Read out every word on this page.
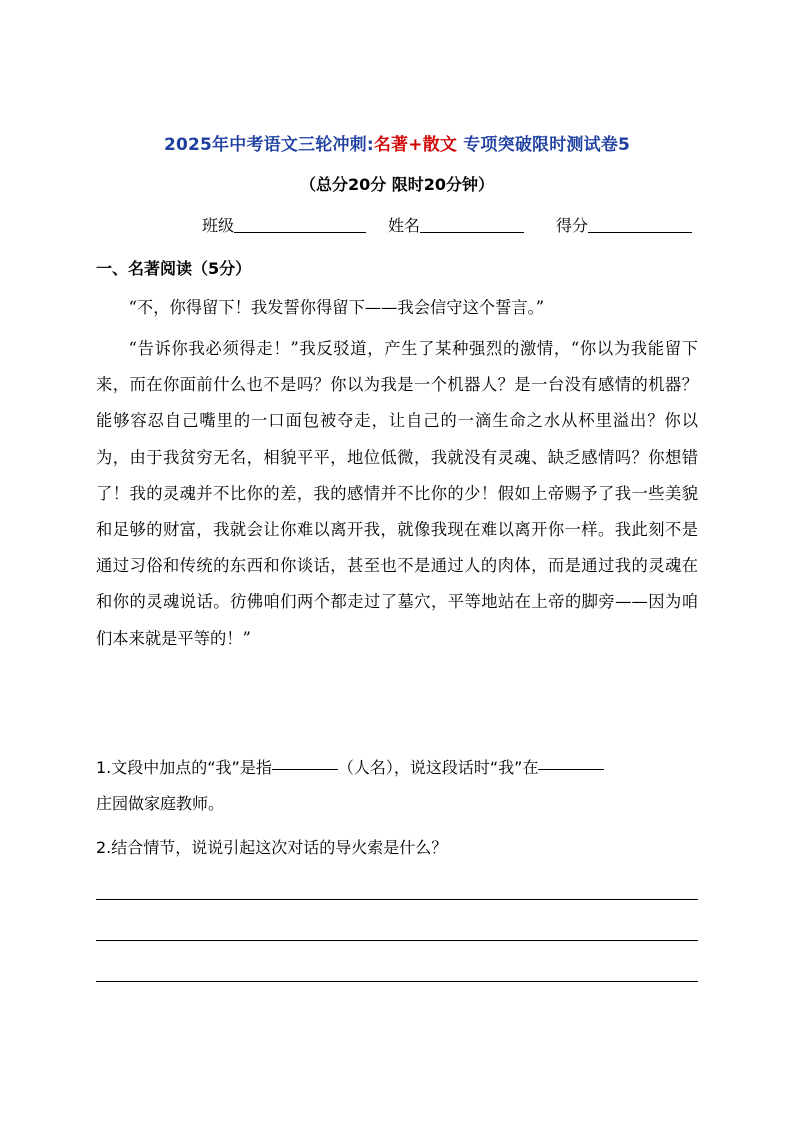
2025年中考语文三轮冲刺:名著+散文 专项突破限时测试卷5
（总分20分 限时20分钟）
班级	姓名	得分
一、名著阅读（5分）

“不，你得留下！我发誓你得留下——我会信守这个誓言。”

“告诉你我必须得走！”我反驳道，产生了某种强烈的激情，“你以为我能留下来，而在你面前什么也不是吗？你以为我是一个机器人？是一台没有感情的机器？能够容忍自己嘴里的一口面包被夺走，让自己的一滴生命之水从杯里溢出？你以为，由于我贫穷无名，相貌平平，地位低微，我就没有灵魂、缺乏感情吗？你想错了！我的灵魂并不比你的差，我的感情并不比你的少！假如上帝赐予了我一些美貌和足够的财富，我就会让你难以离开我，就像我现在难以离开你一样。我此刻不是通过习俗和传统的东西和你谈话，甚至也不是通过人的肉体，而是通过我的灵魂在和你的灵魂说话。彷佛咱们两个都走过了墓穴，平等地站在上帝的脚旁——因为咱们本来就是平等的！”

1.文段中加点的“我”是指	（人名），说这段话时“我”在
庄园做家庭教师。

2.结合情节，说说引起这次对话的导火索是什么？
